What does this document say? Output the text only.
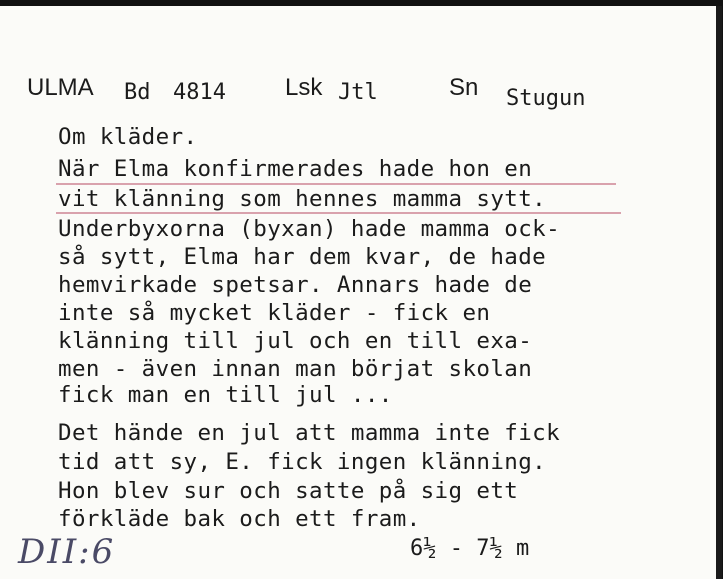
ULMA Bd 4814 Lsk Jtl	Sn Stugun
Om kläder.
När Elma konfirmerades hade hon en
vit klänning som hennes mamma sytt.
Underbyxorna (byxan) hade mamma ock-
så sytt, Elma har dem kvar, de hade
hemvirkade spetsar. Annars hade de
inte så mycket kläder - fick en
klänning till jul och en till exa-
men - även innan man börjat skolan
fick man en till jul ...
Det hände en jul att mamma inte fick
tid att sy, E. fick ingen klänning.
Hon blev sur och satte på sig ett
förkläde bak och ett fram.
DII:6	6½ - 7½ m
